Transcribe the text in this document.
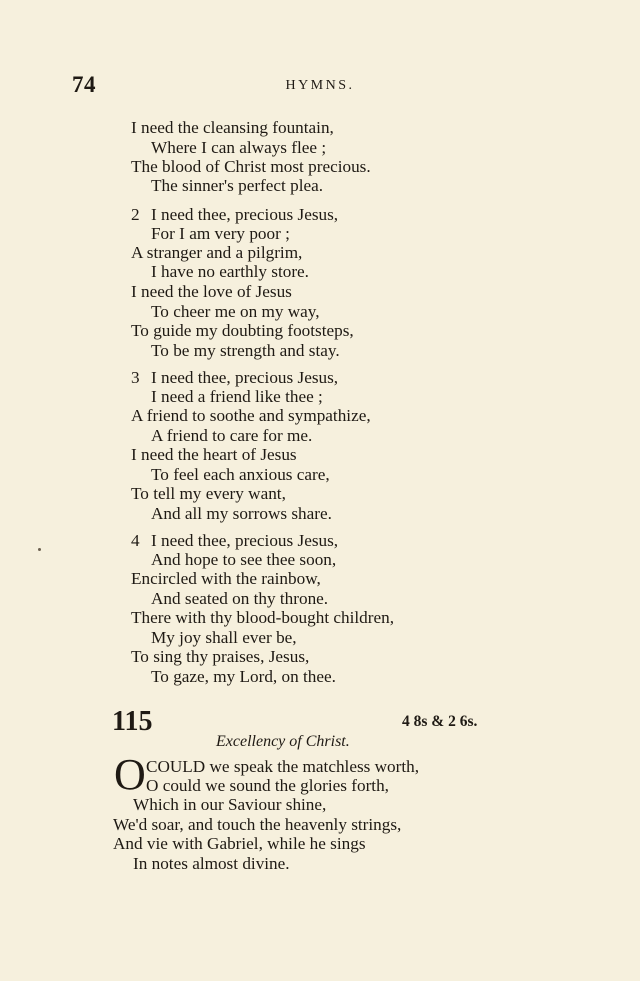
74	HYMNS.
I need the cleansing fountain,
Where I can always flee ;
The blood of Christ most precious.
The sinner's perfect plea.
2 I need thee, precious Jesus,
For I am very poor ;
A stranger and a pilgrim,
I have no earthly store.
I need the love of Jesus
To cheer me on my way,
To guide my doubting footsteps,
To be my strength and stay.
3 I need thee, precious Jesus,
I need a friend like thee ;
A friend to soothe and sympathize,
A friend to care for me.
I need the heart of Jesus
To feel each anxious care,
To tell my every want,
And all my sorrows share.
4 I need thee, precious Jesus,
And hope to see thee soon,
Encircled with the rainbow,
And seated on thy throne.
There with thy blood-bought children,
My joy shall ever be,
To sing thy praises, Jesus,
To gaze, my Lord, on thee.
115	4 8s & 2 6s.
Excellency of Christ.
O COULD we speak the matchless worth,
O could we sound the glories forth,
Which in our Saviour shine,
We'd soar, and touch the heavenly strings,
And vie with Gabriel, while he sings
In notes almost divine.
